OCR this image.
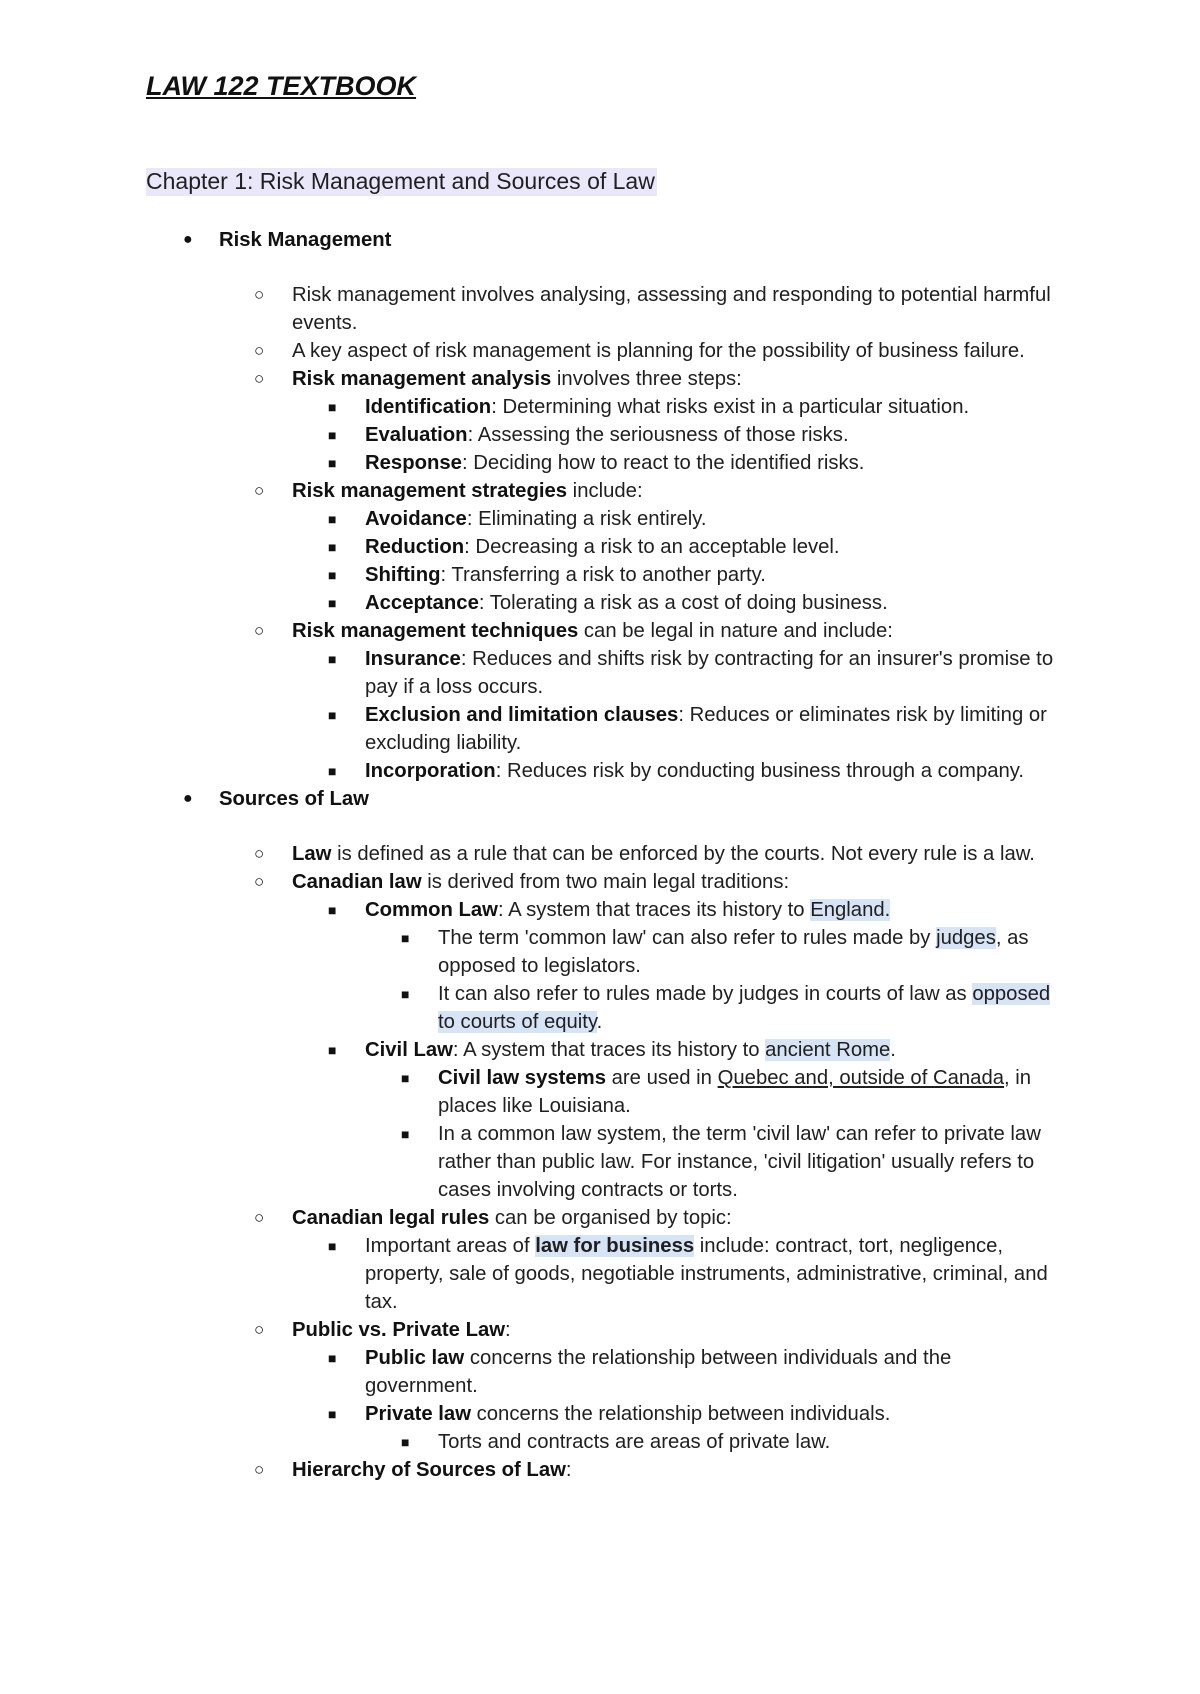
LAW 122 TEXTBOOK
Chapter 1: Risk Management and Sources of Law
● Risk Management
○ Risk management involves analysing, assessing and responding to potential harmful events.
○ A key aspect of risk management is planning for the possibility of business failure.
○ Risk management analysis involves three steps:
■ Identification: Determining what risks exist in a particular situation.
■ Evaluation: Assessing the seriousness of those risks.
■ Response: Deciding how to react to the identified risks.
○ Risk management strategies include:
■ Avoidance: Eliminating a risk entirely.
■ Reduction: Decreasing a risk to an acceptable level.
■ Shifting: Transferring a risk to another party.
■ Acceptance: Tolerating a risk as a cost of doing business.
○ Risk management techniques can be legal in nature and include:
■ Insurance: Reduces and shifts risk by contracting for an insurer's promise to pay if a loss occurs.
■ Exclusion and limitation clauses: Reduces or eliminates risk by limiting or excluding liability.
■ Incorporation: Reduces risk by conducting business through a company.
● Sources of Law
○ Law is defined as a rule that can be enforced by the courts. Not every rule is a law.
○ Canadian law is derived from two main legal traditions:
■ Common Law: A system that traces its history to England.
■ The term 'common law' can also refer to rules made by judges, as opposed to legislators.
■ It can also refer to rules made by judges in courts of law as opposed to courts of equity.
■ Civil Law: A system that traces its history to ancient Rome.
■ Civil law systems are used in Quebec and, outside of Canada, in places like Louisiana.
■ In a common law system, the term 'civil law' can refer to private law rather than public law. For instance, 'civil litigation' usually refers to cases involving contracts or torts.
○ Canadian legal rules can be organised by topic:
■ Important areas of law for business include: contract, tort, negligence, property, sale of goods, negotiable instruments, administrative, criminal, and tax.
○ Public vs. Private Law:
■ Public law concerns the relationship between individuals and the government.
■ Private law concerns the relationship between individuals.
■ Torts and contracts are areas of private law.
○ Hierarchy of Sources of Law:
